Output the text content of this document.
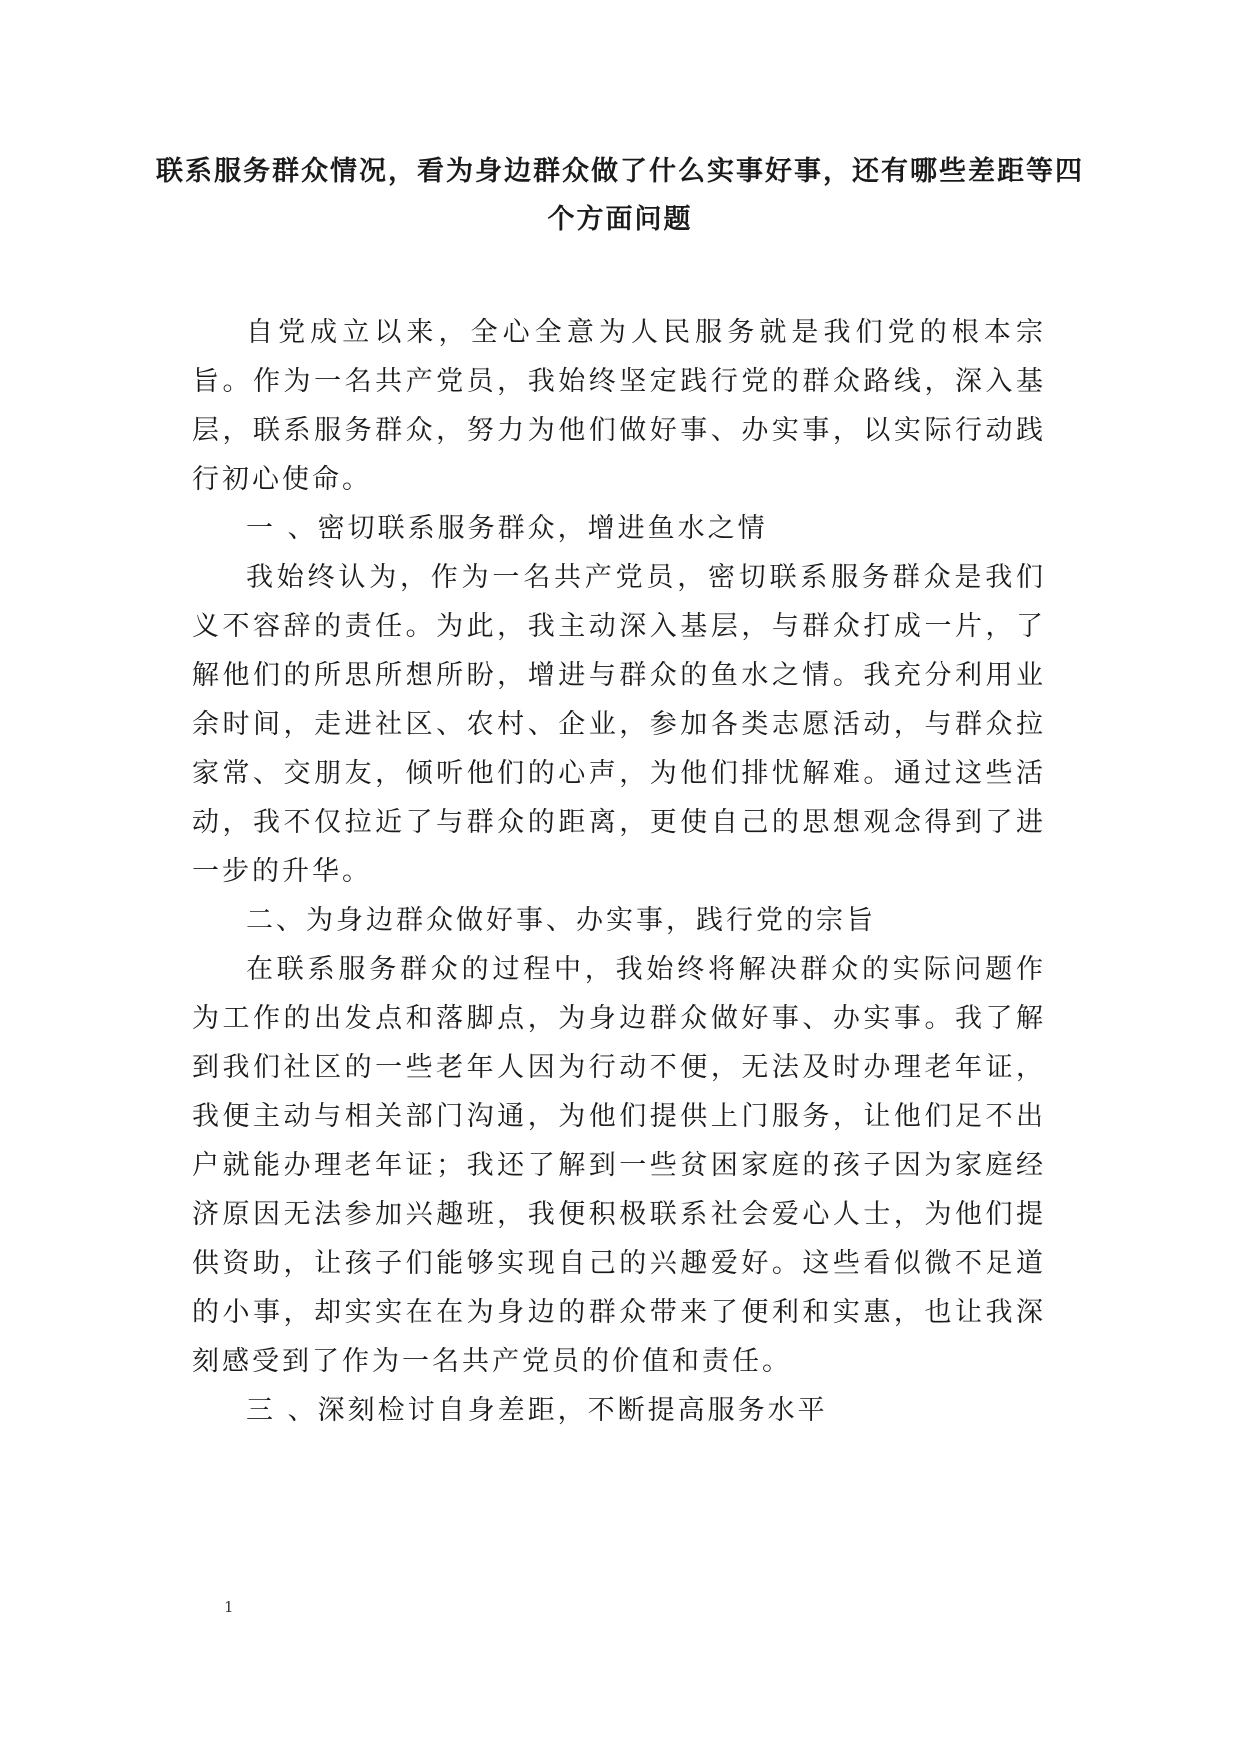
联系服务群众情况，看为身边群众做了什么实事好事，还有哪些差距等四个方面问题

自党成立以来，全心全意为人民服务就是我们党的根本宗旨。作为一名共产党员，我始终坚定践行党的群众路线，深入基层，联系服务群众，努力为他们做好事、办实事，以实际行动践行初心使命。

一 、密切联系服务群众，增进鱼水之情

我始终认为，作为一名共产党员，密切联系服务群众是我们义不容辞的责任。为此，我主动深入基层，与群众打成一片，了解他们的所思所想所盼，增进与群众的鱼水之情。我充分利用业余时间，走进社区、农村、企业，参加各类志愿活动，与群众拉家常、交朋友，倾听他们的心声，为他们排忧解难。通过这些活动，我不仅拉近了与群众的距离，更使自己的思想观念得到了进一步的升华。

二、为身边群众做好事、办实事，践行党的宗旨

在联系服务群众的过程中，我始终将解决群众的实际问题作为工作的出发点和落脚点，为身边群众做好事、办实事。我了解到我们社区的一些老年人因为行动不便，无法及时办理老年证，我便主动与相关部门沟通，为他们提供上门服务，让他们足不出户就能办理老年证；我还了解到一些贫困家庭的孩子因为家庭经济原因无法参加兴趣班，我便积极联系社会爱心人士，为他们提供资助，让孩子们能够实现自己的兴趣爱好。这些看似微不足道的小事，却实实在在为身边的群众带来了便利和实惠，也让我深刻感受到了作为一名共产党员的价值和责任。

三 、深刻检讨自身差距，不断提高服务水平

1
